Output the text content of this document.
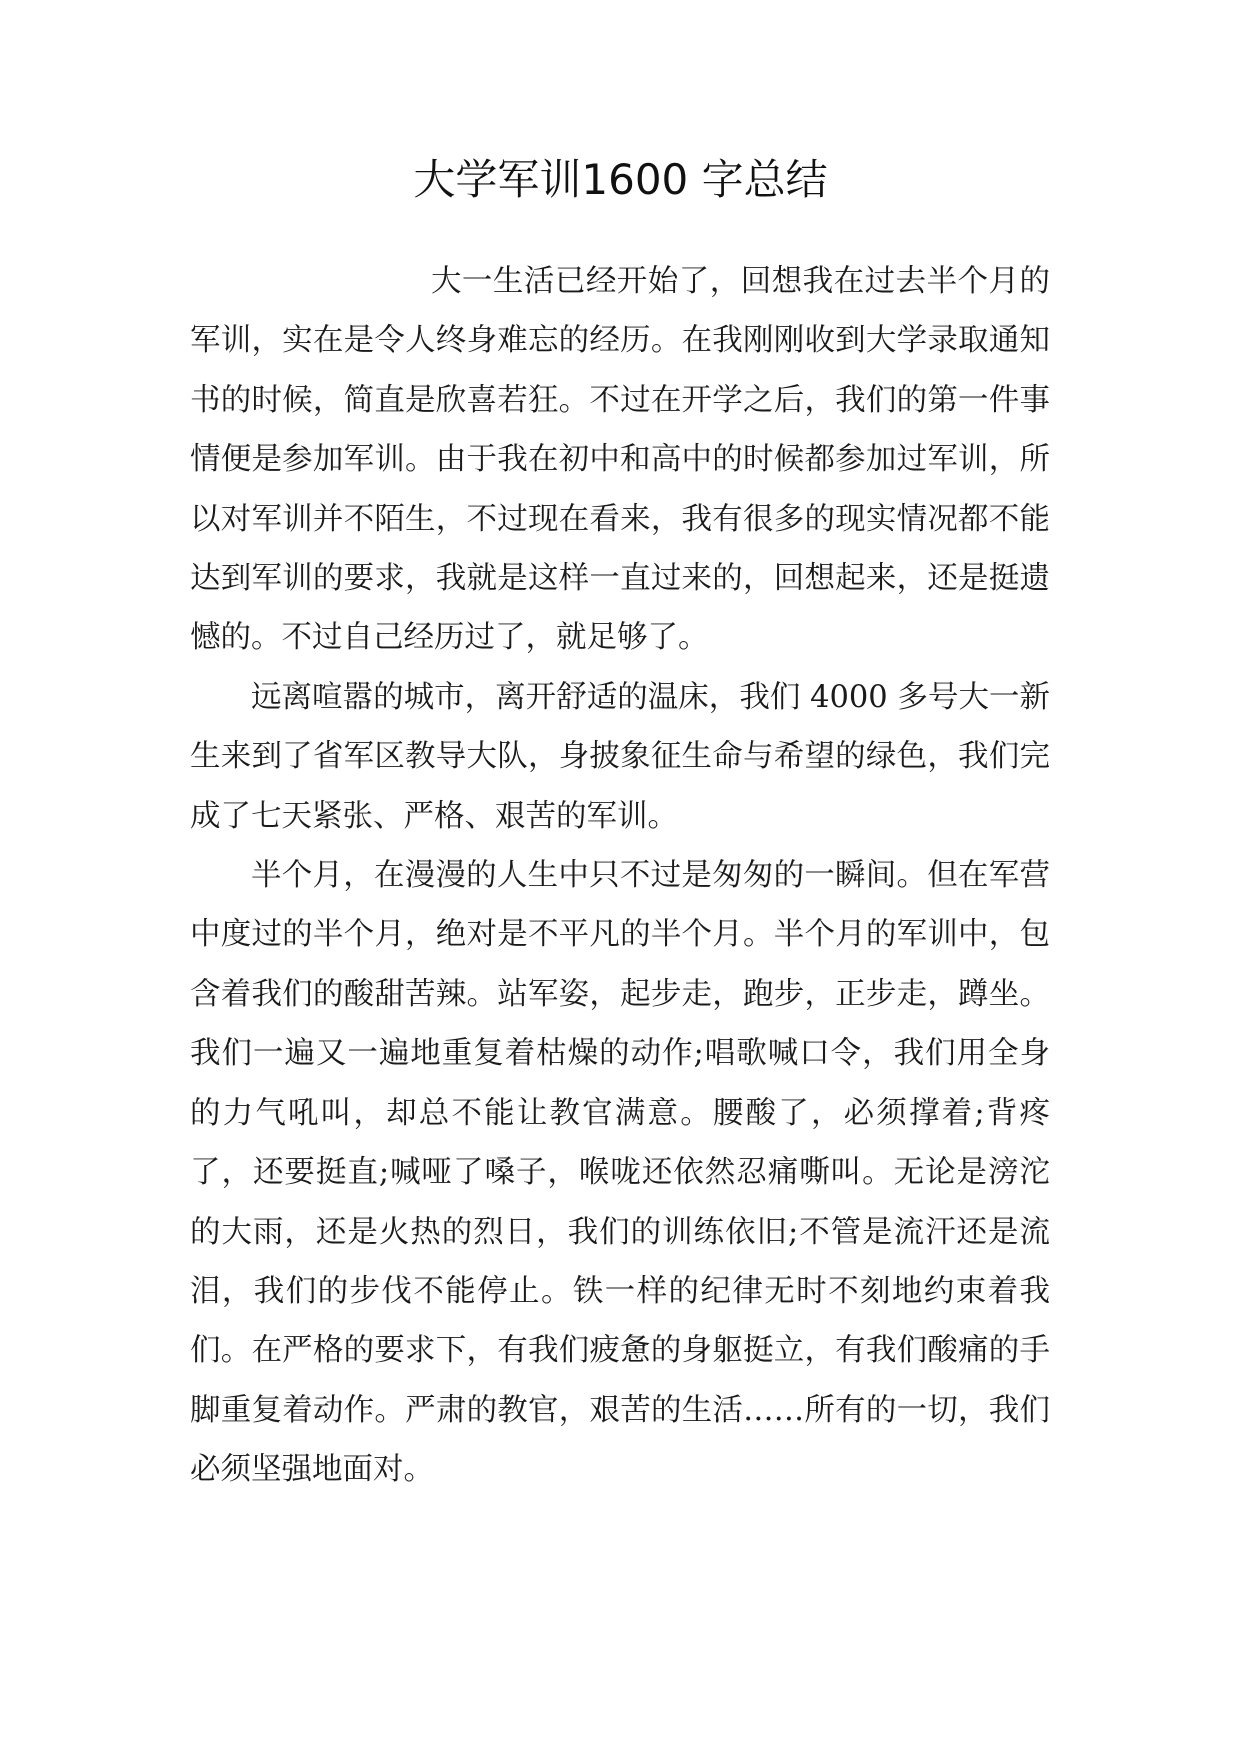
大学军训1600 字总结

大一生活已经开始了，回想我在过去半个月的军训，实在是令人终身难忘的经历。在我刚刚收到大学录取通知书的时候，简直是欣喜若狂。不过在开学之后，我们的第一件事情便是参加军训。由于我在初中和高中的时候都参加过军训，所以对军训并不陌生，不过现在看来，我有很多的现实情况都不能达到军训的要求，我就是这样一直过来的，回想起来，还是挺遗憾的。不过自己经历过了，就足够了。

远离喧嚣的城市，离开舒适的温床，我们 4000 多号大一新生来到了省军区教导大队，身披象征生命与希望的绿色，我们完成了七天紧张、严格、艰苦的军训。

半个月，在漫漫的人生中只不过是匆匆的一瞬间。但在军营中度过的半个月，绝对是不平凡的半个月。半个月的军训中，包含着我们的酸甜苦辣。站军姿，起步走，跑步，正步走，蹲坐。我们一遍又一遍地重复着枯燥的动作;唱歌喊口令，我们用全身的力气吼叫，却总不能让教官满意。腰酸了，必须撑着;背疼了，还要挺直;喊哑了嗓子，喉咙还依然忍痛嘶叫。无论是滂沱的大雨，还是火热的烈日，我们的训练依旧;不管是流汗还是流泪，我们的步伐不能停止。铁一样的纪律无时不刻地约束着我们。在严格的要求下，有我们疲惫的身躯挺立，有我们酸痛的手脚重复着动作。严肃的教官，艰苦的生活……所有的一切，我们必须坚强地面对。
